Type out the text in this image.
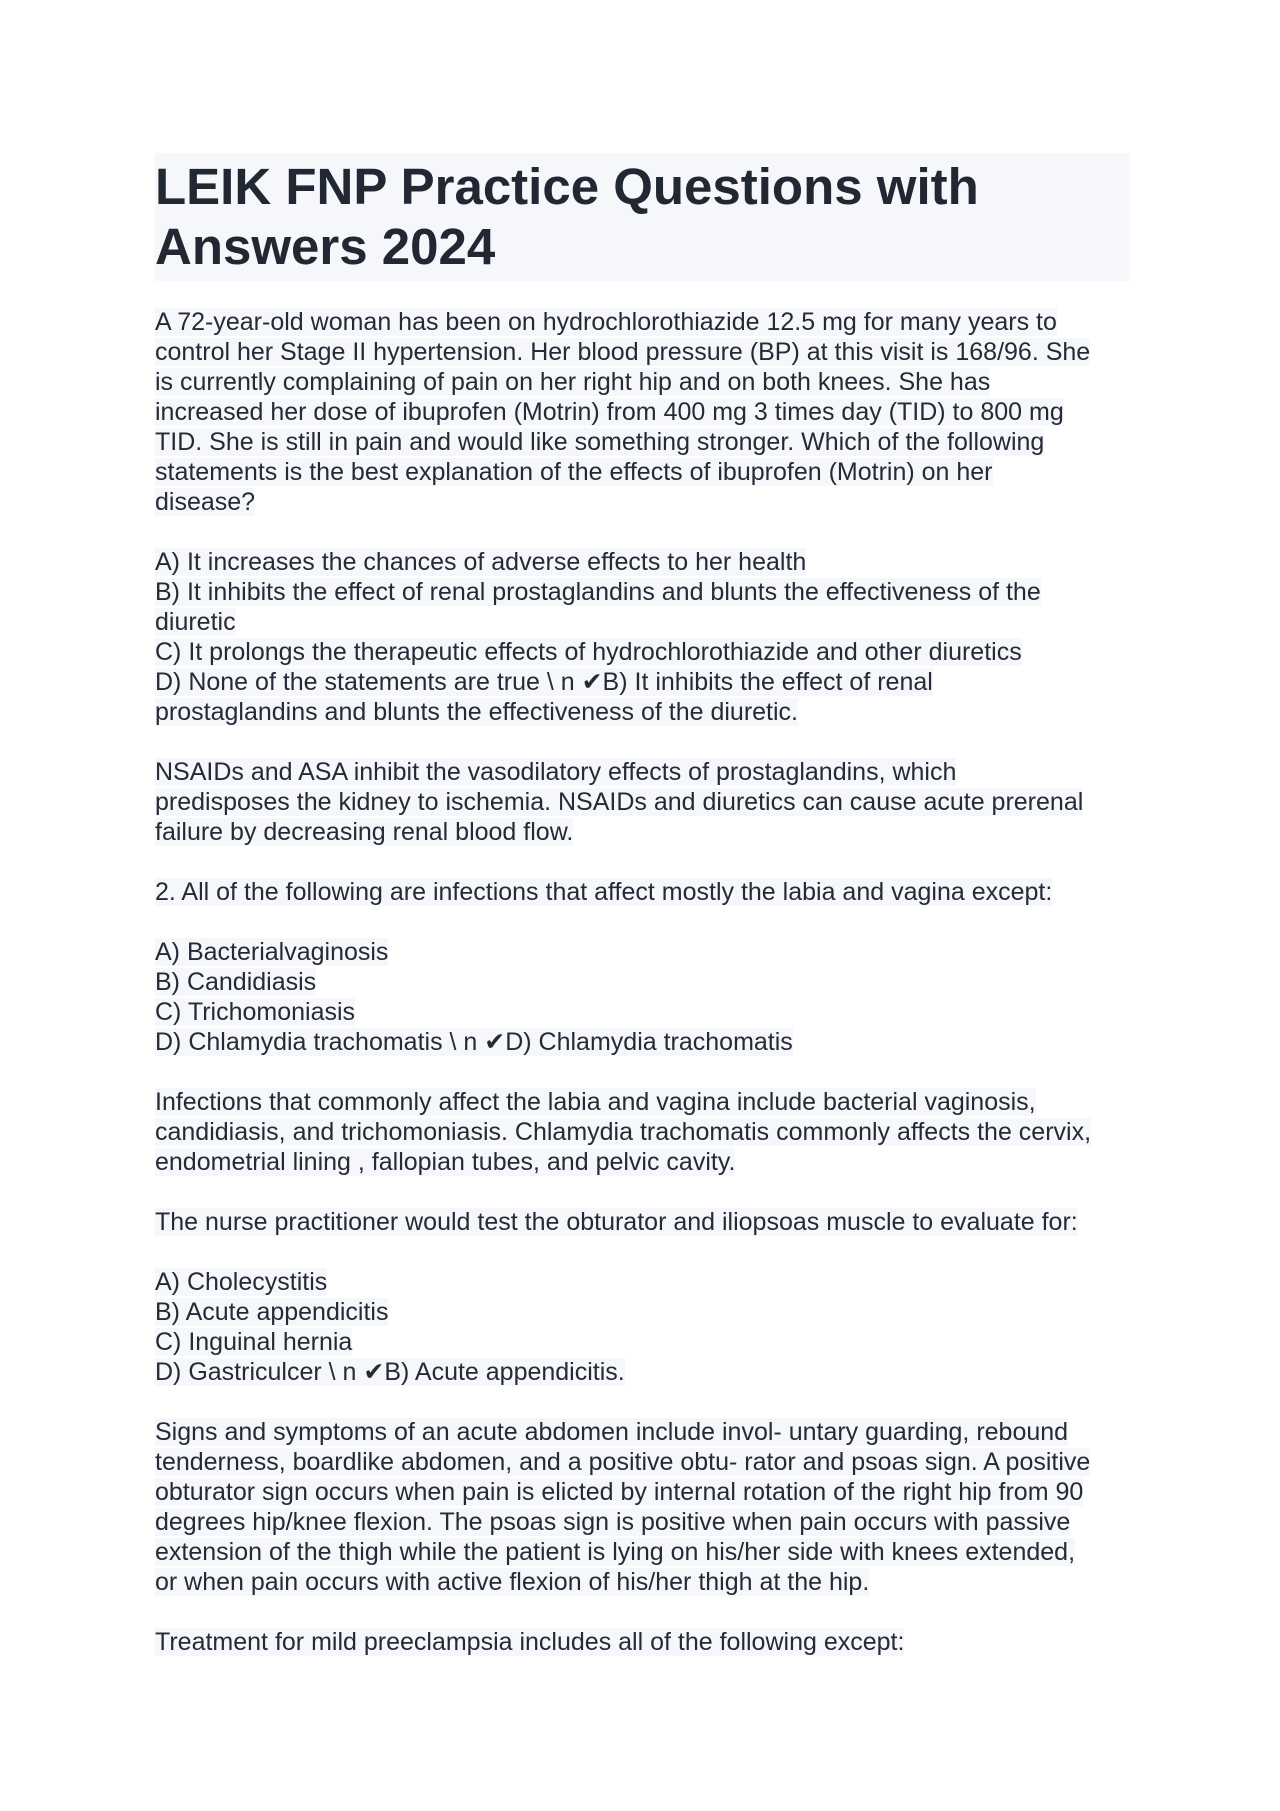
LEIK FNP Practice Questions with
Answers 2024
A 72-year-old woman has been on hydrochlorothiazide 12.5 mg for many years to
control her Stage II hypertension. Her blood pressure (BP) at this visit is 168/96. She
is currently complaining of pain on her right hip and on both knees. She has
increased her dose of ibuprofen (Motrin) from 400 mg 3 times day (TID) to 800 mg
TID. She is still in pain and would like something stronger. Which of the following
statements is the best explanation of the effects of ibuprofen (Motrin) on her
disease?
A) It increases the chances of adverse effects to her health
B) It inhibits the effect of renal prostaglandins and blunts the effectiveness of the
diuretic
C) It prolongs the therapeutic effects of hydrochlorothiazide and other diuretics
D) None of the statements are true \ n ✔B) It inhibits the effect of renal
prostaglandins and blunts the effectiveness of the diuretic.
NSAIDs and ASA inhibit the vasodilatory effects of prostaglandins, which
predisposes the kidney to ischemia. NSAIDs and diuretics can cause acute prerenal
failure by decreasing renal blood flow.
2. All of the following are infections that affect mostly the labia and vagina except:
A) Bacterialvaginosis
B) Candidiasis
C) Trichomoniasis
D) Chlamydia trachomatis \ n ✔D) Chlamydia trachomatis
Infections that commonly affect the labia and vagina include bacterial vaginosis,
candidiasis, and trichomoniasis. Chlamydia trachomatis commonly affects the cervix,
endometrial lining , fallopian tubes, and pelvic cavity.
The nurse practitioner would test the obturator and iliopsoas muscle to evaluate for:
A) Cholecystitis
B) Acute appendicitis
C) Inguinal hernia
D) Gastriculcer \ n ✔B) Acute appendicitis.
Signs and symptoms of an acute abdomen include invol- untary guarding, rebound
tenderness, boardlike abdomen, and a positive obtu- rator and psoas sign. A positive
obturator sign occurs when pain is elicted by internal rotation of the right hip from 90
degrees hip/knee flexion. The psoas sign is positive when pain occurs with passive
extension of the thigh while the patient is lying on his/her side with knees extended,
or when pain occurs with active flexion of his/her thigh at the hip.
Treatment for mild preeclampsia includes all of the following except:
